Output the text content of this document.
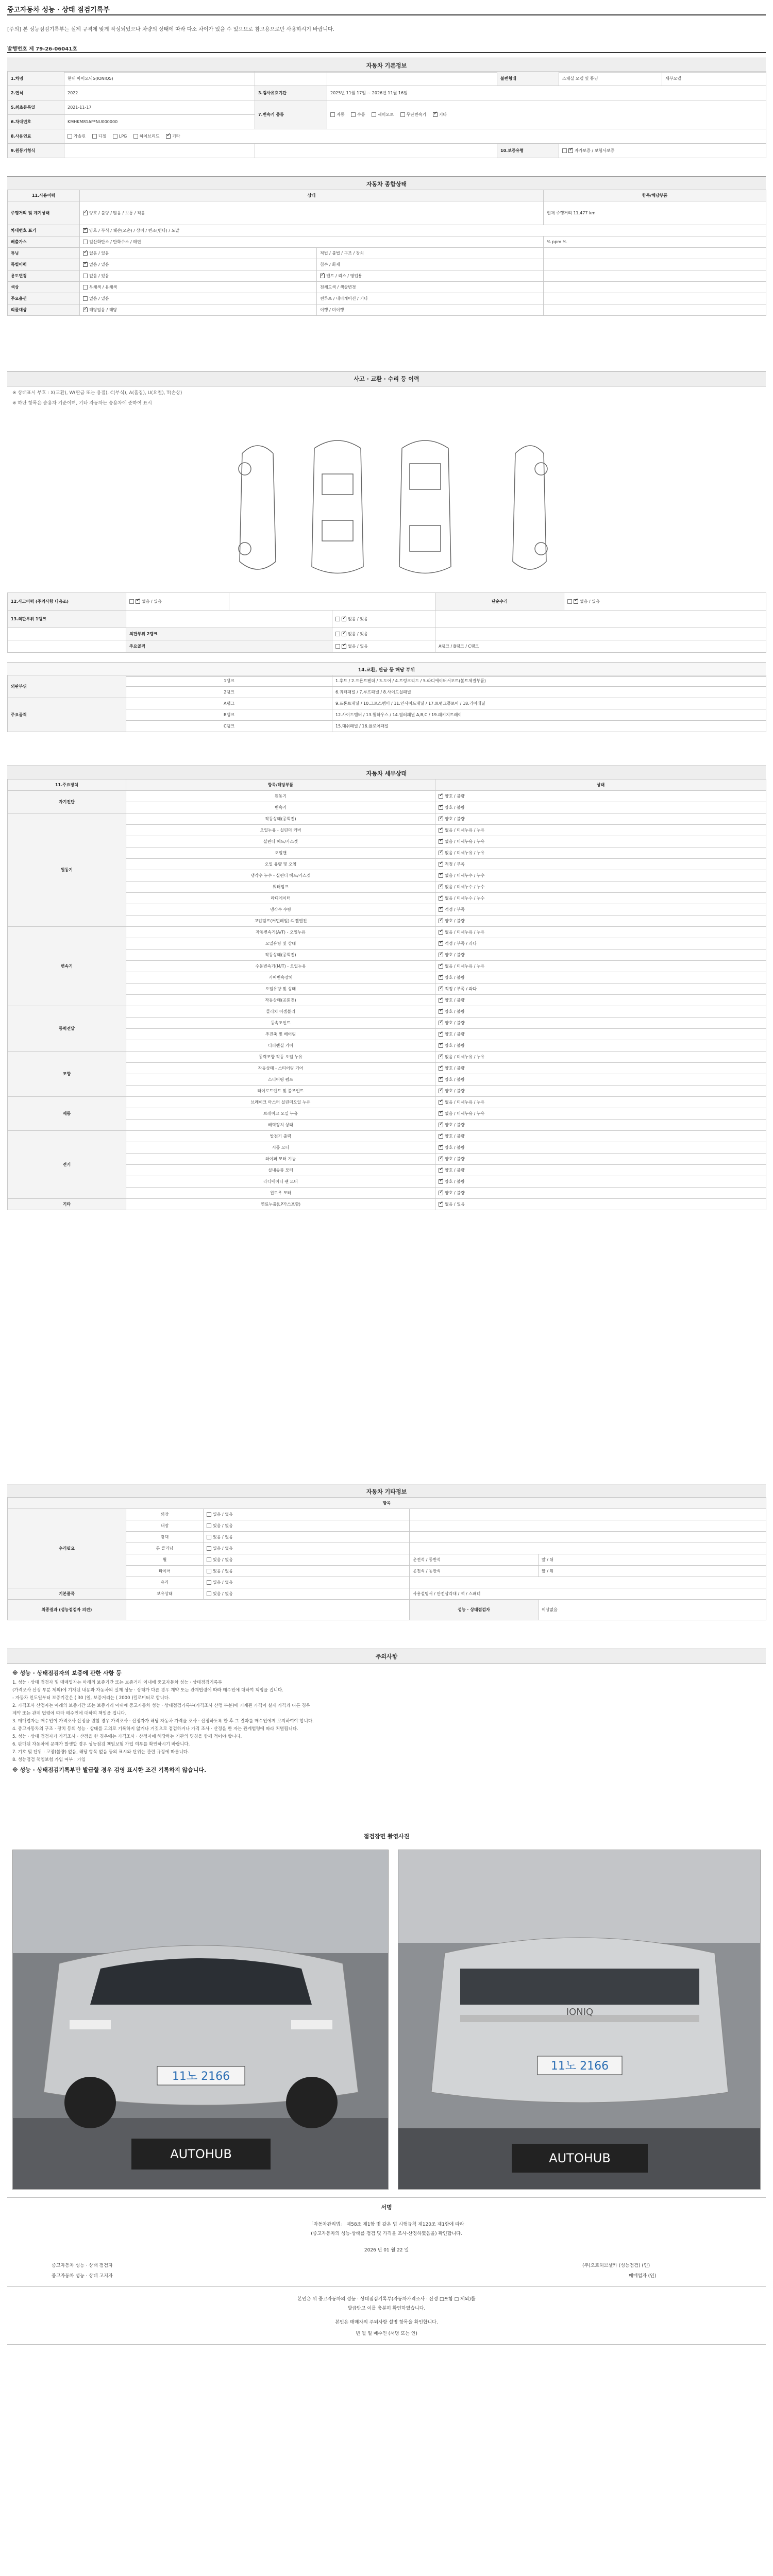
중고자동차 성능 · 상태 점검기록부
[주의] 본 성능점검기록부는 실제 규격에 맞게 작성되었으나 차량의 상태에 따라 다소 차이가 있을 수 있으므로 참고용으로만 사용하시기 바랍니다.
발행번호 제 79-26-06041호
자동차 기본정보
1.차명	현대 아이오닉5(IONIQ5)			불변형태	스페셜 모델 및 튜닝	세부모델
2.연식	2022	3.검사유효기간	2025년 11월 17일 ~ 2026년 11월 16일			
5.최초등록일	2021-11-17	7.변속기 종류	자동 수동 세미오토 무단변속기 ✓ 기타
6.차대번호	KMHKM81AP*NU000000					
8.사용연료	가솔린 디젤 LPG 하이브리드 ✓ 기타
9.원동기형식				10.보증유형	✓자가보증 / 보험사보증
자동차 종합상태
11.사용이력	상태		항목/해당부품
주행거리 및 계기상태	✓양호 / 불량 / 많음 / 보통 / 적음		현재 주행거리 11,477 km
차대번호 표기	✓양호 / 부식 / 훼손(오손) / 상이 / 변조(변타) / 도말
배출가스	일산화탄소 / 탄화수소 / 매연		% ppm %
튜닝	✓없음 / 있음	적법 / 불법 / 구조 / 장치	
특별이력	✓없음 / 있음	침수 / 화재	
용도변경	없음 / 있음	✓렌트 / 리스 / 영업용	
색상	무채색 / 유채색	전체도색 / 색상변경	
주요옵션	없음 / 있음	썬루프 / 네비게이션 / 기타	
리콜대상	✓해당없음 / 해당	이행 / 미이행	
사고 · 교환 · 수리 등 이력
※ 상태표시 부호 : X(교환), W(판금 또는 용접), C(부식), A(흠집), U(요철), T(손상)
※ 하단 항목은 승용차 기준이며, 기타 자동차는 승용차에 준하여 표시
12.사고이력 (주의사항 다음조)	✓없음 / 있음			단순수리	✓없음 / 있음
13.외판부위 1랭크		✓없음 / 있음	
	외판부위 2랭크	✓없음 / 있음	
	주요골격	✓없음 / 있음	A랭크 / B랭크 / C랭크	
14.교환, 판금 등 해당 부위
외판부위	1랭크	1.후드 / 2.프론트펜더 / 3.도어 / 4.트렁크리드 / 5.라디에이터서포트(볼트체결부품)
	2랭크	6.쿼터패널 / 7.루프패널 / 8.사이드실패널
주요골격	A랭크	9.프론트패널 / 10.크로스멤버 / 11.인사이드패널 / 17.트렁크플로어 / 18.리어패널
	B랭크	12.사이드멤버 / 13.휠하우스 / 14.필러패널 A,B,C / 19.패키지트레이
	C랭크	15.대쉬패널 / 16.플로어패널
자동차 세부상태
11.주요장치	항목/해당부품	상태
자기진단	원동기	✓양호 / 불량
	변속기	✓양호 / 불량
원동기	작동상태(공회전)	✓양호 / 불량
	오일누유 - 실린더 커버	✓없음 / 미세누유 / 누유
	실린더 헤드/가스켓	✓없음 / 미세누유 / 누유
	오일팬	✓없음 / 미세누유 / 누유
	오일 유량 및 오염	✓적정 / 부족
	냉각수 누수 - 실린더 헤드/가스켓	✓없음 / 미세누수 / 누수
	워터펌프	✓없음 / 미세누수 / 누수
	라디에이터	✓없음 / 미세누수 / 누수
	냉각수 수량	✓적정 / 부족
	고압펌프(커먼레일)-디젤엔진	✓양호 / 불량
변속기	자동변속기(A/T) - 오일누유	✓없음 / 미세누유 / 누유
	오일유량 및 상태	✓적정 / 부족 / 과다
	작동상태(공회전)	✓양호 / 불량
	수동변속기(M/T) - 오일누유	✓없음 / 미세누유 / 누유
	기어변속장치	✓양호 / 불량
	오일유량 및 상태	✓적정 / 부족 / 과다
	작동상태(공회전)	✓양호 / 불량
동력전달	클러치 어셈블리	✓양호 / 불량
	등속조인트	✓양호 / 불량
	추진축 및 베어링	✓양호 / 불량
	디퍼렌셜 기어	✓양호 / 불량
조향	동력조향 작동 오일 누유	✓없음 / 미세누유 / 누유
	작동상태 - 스티어링 기어	✓양호 / 불량
	스티어링 펌프	✓양호 / 불량
	타이로드엔드 및 볼조인트	✓양호 / 불량
제동	브레이크 마스터 실린더오일 누유	✓없음 / 미세누유 / 누유
	브레이크 오일 누유	✓없음 / 미세누유 / 누유
	배력장치 상태	✓양호 / 불량
전기	발전기 출력	✓양호 / 불량
	시동 모터	✓양호 / 불량
	와이퍼 모터 기능	✓양호 / 불량
	실내송풍 모터	✓양호 / 불량
	라디에이터 팬 모터	✓양호 / 불량
	윈도우 모터	✓양호 / 불량
기타	연료누출(LP가스포함)	✓없음 / 있음
자동차 기타정보
항목				
수리필요	외장	있음 / 없음		
	내장	있음 / 없음		
	광택	있음 / 없음		
	룸 클리닝	있음 / 없음		
	휠	있음 / 없음	운전석 / 동반석	앞 / 뒤
	타이어	있음 / 없음	운전석 / 동반석	앞 / 뒤
	유리	있음 / 없음		
기본품목	보유상태	있음 / 없음	사용설명서 / 안전삼각대 / 잭 / 스패너	
최종결과 (성능점검자 의견)			성능 · 상태점검자	이상없음
주의사항
※ 성능 · 상태점검자의 보증에 관한 사항 등
1. 성능 · 상태 점검자 및 매매업자는 아래의 보증기간 또는 보증거리 이내에 중고자동차 성능 · 상태점검기록부
(가격조사 산정 부분 제외)에 기재된 내용과 자동차의 실제 성능 · 상태가 다른 경우 계약 또는 관계법령에 따라 매수인에 대하여 책임을 집니다.
- 자동차 인도일부터 보증기간은 ( 30 )일, 보증거리는 ( 2000 )킬로미터로 합니다.
2. 가격조사 산정자는 아래의 보증기간 또는 보증거리 이내에 중고자동차 성능 · 상태점검기록부(가격조사 산정 부분)에 기재된 가격이 실제 가격과 다른 경우
계약 또는 관계 법령에 따라 매수인에 대하여 책임을 집니다.
3. 매매업자는 매수인이 가격조사 산정을 원할 경우 가격조사 · 산정자가 해당 자동차 가격을 조사 · 산정하도록 한 후 그 결과를 매수인에게 고지하여야 합니다.
4. 중고자동차의 구조 · 장치 등의 성능 · 상태를 고의로 기록하지 않거나 거짓으로 점검하거나 가격 조사 · 산정을 한 자는 관계법령에 따라 처벌됩니다.
5. 성능 · 상태 점검자가 가격조사 · 산정을 한 경우에는 가격조사 · 산정자에 해당하는 기관의 명칭을 함께 적어야 합니다.
6. 판매된 자동차에 문제가 발생할 경우 성능점검 책임보험 가입 여부를 확인하시기 바랍니다.
7. 기호 및 단위 : 고장(불량) 없음, 해당 항목 없음 등의 표시와 단위는 관련 규정에 따릅니다.
8. 성능점검 책임보험 가입 여부 : 가입
※ 성능 · 상태점검기록부만 발급할 경우 검영 표시한 조건 기록하지 않습니다.
점검장면 촬영사진
11노 2166
AUTOHUB
IONIQ
11노 2166
AUTOHUB
서명
「자동차관리법」 제58조 제1항 및 같은 법 시행규칙 제120조 제1항에 따라
(중고자동차의 성능·상태를 점검 및 가격을 조사·산정하였음을) 확인합니다.
2026 년 01 월 22 일
중고자동차 성능 · 상태 점검자	(주)오토허브셀카 (성능점검) (인)
중고자동차 성능 · 상태 고지자	매매업자 (인)
본인은 위 중고자동차의 성능 · 상태점검기록부(자동차가격조사 · 산정 □포함 □ 제외)를
발급받고 이를 충분히 확인하였습니다.
본인은 매매자의 주되사항 설명 항목을 확인합니다.
년 월 일 매수인 (서명 또는 인)
